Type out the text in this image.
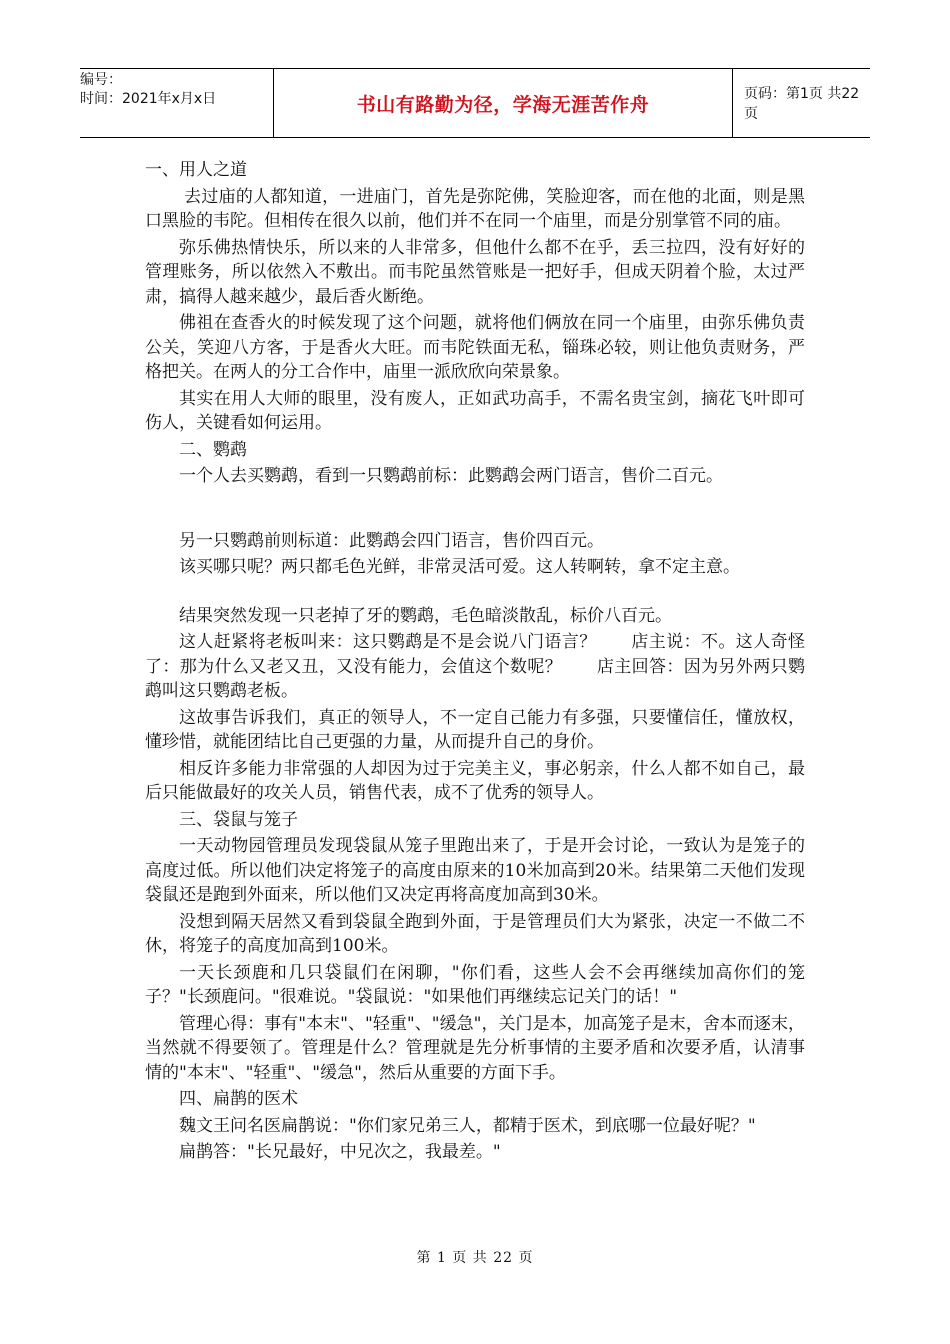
编号：
时间：2021年x月x日	书山有路勤为径，学海无涯苦作舟	页码：第1页 共22页

一、用人之道

去过庙的人都知道，一进庙门，首先是弥陀佛，笑脸迎客，而在他的北面，则是黑口黑脸的韦陀。但相传在很久以前，他们并不在同一个庙里，而是分别掌管不同的庙。

弥乐佛热情快乐，所以来的人非常多，但他什么都不在乎，丢三拉四，没有好好的管理账务，所以依然入不敷出。而韦陀虽然管账是一把好手，但成天阴着个脸，太过严肃，搞得人越来越少，最后香火断绝。

佛祖在查香火的时候发现了这个问题，就将他们俩放在同一个庙里，由弥乐佛负责公关，笑迎八方客，于是香火大旺。而韦陀铁面无私，锱珠必较，则让他负责财务，严格把关。在两人的分工合作中，庙里一派欣欣向荣景象。

其实在用人大师的眼里，没有废人，正如武功高手，不需名贵宝剑，摘花飞叶即可伤人，关键看如何运用。

二、鹦鹉

一个人去买鹦鹉，看到一只鹦鹉前标：此鹦鹉会两门语言，售价二百元。

另一只鹦鹉前则标道：此鹦鹉会四门语言，售价四百元。

该买哪只呢？两只都毛色光鲜，非常灵活可爱。这人转啊转，拿不定主意。

结果突然发现一只老掉了牙的鹦鹉，毛色暗淡散乱，标价八百元。

这人赶紧将老板叫来：这只鹦鹉是不是会说八门语言？　　店主说：不。这人奇怪了：那为什么又老又丑，又没有能力，会值这个数呢？　　店主回答：因为另外两只鹦鹉叫这只鹦鹉老板。

这故事告诉我们，真正的领导人，不一定自己能力有多强，只要懂信任，懂放权，懂珍惜，就能团结比自己更强的力量，从而提升自己的身价。

相反许多能力非常强的人却因为过于完美主义，事必躬亲，什么人都不如自己，最后只能做最好的攻关人员，销售代表，成不了优秀的领导人。

三、袋鼠与笼子

一天动物园管理员发现袋鼠从笼子里跑出来了，于是开会讨论，一致认为是笼子的高度过低。所以他们决定将笼子的高度由原来的10米加高到20米。结果第二天他们发现袋鼠还是跑到外面来，所以他们又决定再将高度加高到30米。

没想到隔天居然又看到袋鼠全跑到外面，于是管理员们大为紧张，决定一不做二不休，将笼子的高度加高到100米。

一天长颈鹿和几只袋鼠们在闲聊，"你们看，这些人会不会再继续加高你们的笼子？"长颈鹿问。"很难说。"袋鼠说："如果他们再继续忘记关门的话！"

管理心得：事有"本末"、"轻重"、"缓急"，关门是本，加高笼子是末，舍本而逐末，当然就不得要领了。管理是什么？管理就是先分析事情的主要矛盾和次要矛盾，认清事情的"本末"、"轻重"、"缓急"，然后从重要的方面下手。

四、扁鹊的医术

魏文王问名医扁鹊说："你们家兄弟三人，都精于医术，到底哪一位最好呢？"

扁鹊答："长兄最好，中兄次之，我最差。"

第 1 页 共 22 页
